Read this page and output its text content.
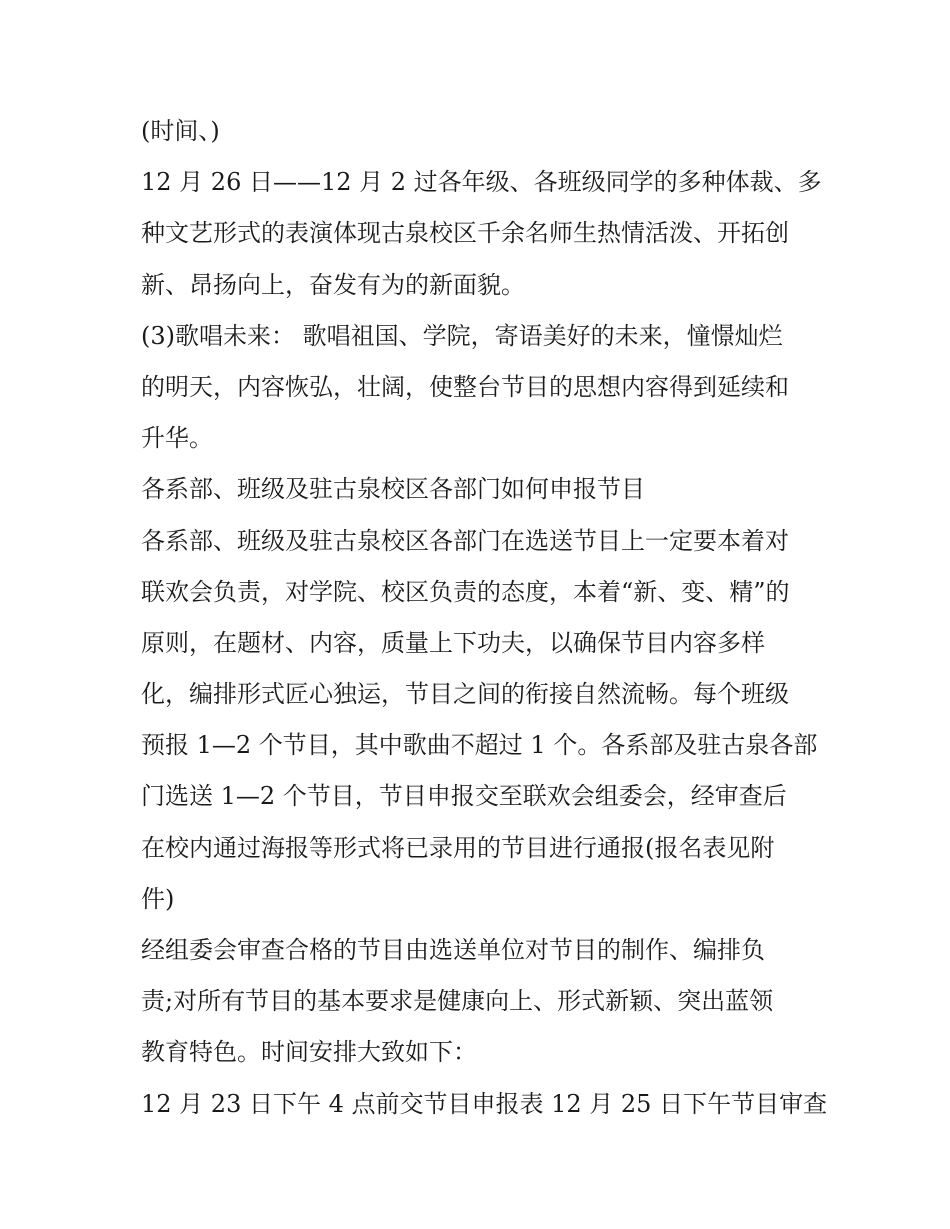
(时间、)
12 月 26 日——12 月 2 过各年级、各班级同学的多种体裁、多
种文艺形式的表演体现古泉校区千余名师生热情活泼、开拓创
新、昂扬向上，奋发有为的新面貌。
(3)歌唱未来： 歌唱祖国、学院，寄语美好的未来，憧憬灿烂
的明天，内容恢弘，壮阔，使整台节目的思想内容得到延续和
升华。
各系部、班级及驻古泉校区各部门如何申报节目
各系部、班级及驻古泉校区各部门在选送节目上一定要本着对
联欢会负责，对学院、校区负责的态度，本着“新、变、精”的
原则，在题材、内容，质量上下功夫，以确保节目内容多样
化，编排形式匠心独运，节目之间的衔接自然流畅。每个班级
预报 1—2 个节目，其中歌曲不超过 1 个。各系部及驻古泉各部
门选送 1—2 个节目，节目申报交至联欢会组委会，经审查后
在校内通过海报等形式将已录用的节目进行通报(报名表见附
件)
经组委会审查合格的节目由选送单位对节目的制作、编排负
责;对所有节目的基本要求是健康向上、形式新颖、突出蓝领
教育特色。时间安排大致如下：
12 月 23 日下午 4 点前交节目申报表 12 月 25 日下午节目审查
